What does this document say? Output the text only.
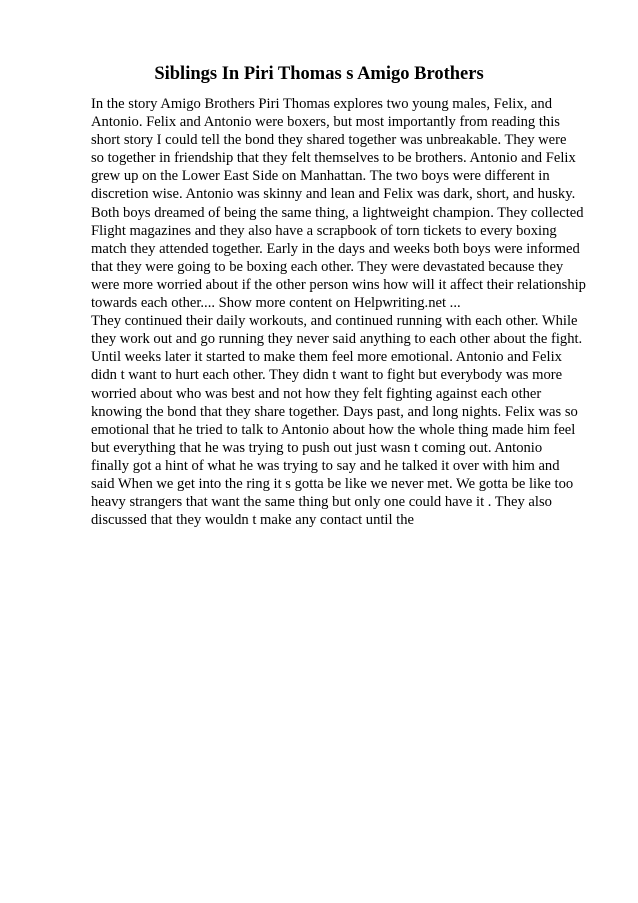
Siblings In Piri Thomas s Amigo Brothers
In the story Amigo Brothers Piri Thomas explores two young males, Felix, and
Antonio. Felix and Antonio were boxers, but most importantly from reading this
short story I could tell the bond they shared together was unbreakable. They were
so together in friendship that they felt themselves to be brothers. Antonio and Felix
grew up on the Lower East Side on Manhattan. The two boys were different in
discretion wise. Antonio was skinny and lean and Felix was dark, short, and husky.
Both boys dreamed of being the same thing, a lightweight champion. They collected
Flight magazines and they also have a scrapbook of torn tickets to every boxing
match they attended together. Early in the days and weeks both boys were informed
that they were going to be boxing each other. They were devastated because they
were more worried about if the other person wins how will it affect their relationship
towards each other.... Show more content on Helpwriting.net ...
They continued their daily workouts, and continued running with each other. While
they work out and go running they never said anything to each other about the fight.
Until weeks later it started to make them feel more emotional. Antonio and Felix
didn t want to hurt each other. They didn t want to fight but everybody was more
worried about who was best and not how they felt fighting against each other
knowing the bond that they share together. Days past, and long nights. Felix was so
emotional that he tried to talk to Antonio about how the whole thing made him feel
but everything that he was trying to push out just wasn t coming out. Antonio
finally got a hint of what he was trying to say and he talked it over with him and
said When we get into the ring it s gotta be like we never met. We gotta be like too
heavy strangers that want the same thing but only one could have it . They also
discussed that they wouldn t make any contact until the
